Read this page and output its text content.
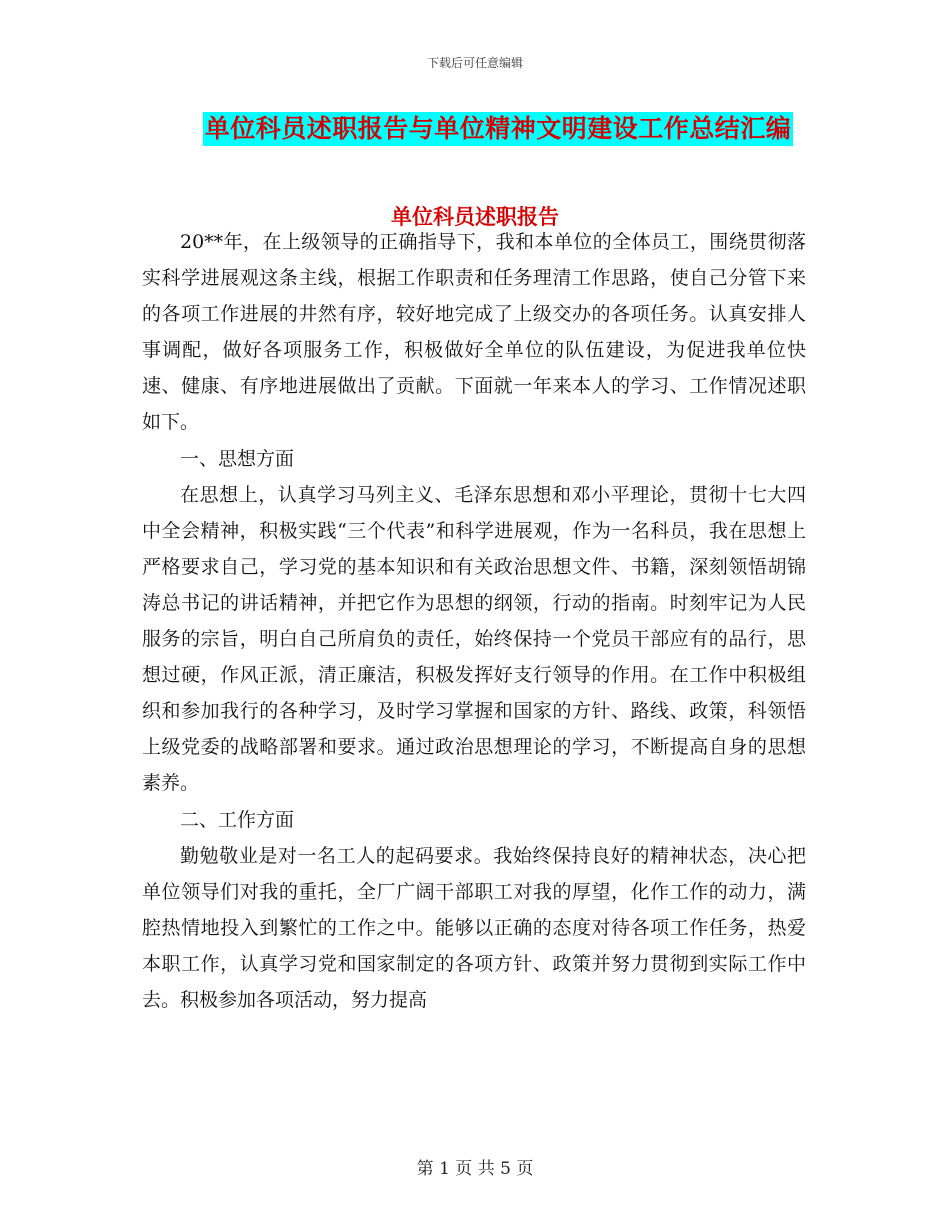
下载后可任意编辑
单位科员述职报告与单位精神文明建设工作总结汇编
单位科员述职报告

20**年，在上级领导的正确指导下，我和本单位的全体员工，围绕贯彻落实科学进展观这条主线，根据工作职责和任务理清工作思路，使自己分管下来的各项工作进展的井然有序，较好地完成了上级交办的各项任务。认真安排人事调配，做好各项服务工作，积极做好全单位的队伍建设，为促进我单位快速、健康、有序地进展做出了贡献。下面就一年来本人的学习、工作情况述职如下。

一、思想方面

在思想上，认真学习马列主义、毛泽东思想和邓小平理论，贯彻十七大四中全会精神，积极实践“三个代表”和科学进展观，作为一名科员，我在思想上严格要求自己，学习党的基本知识和有关政治思想文件、书籍，深刻领悟胡锦涛总书记的讲话精神，并把它作为思想的纲领，行动的指南。时刻牢记为人民服务的宗旨，明白自己所肩负的责任，始终保持一个党员干部应有的品行，思想过硬，作风正派，清正廉洁，积极发挥好支行领导的作用。在工作中积极组织和参加我行的各种学习，及时学习掌握和国家的方针、路线、政策，科领悟上级党委的战略部署和要求。通过政治思想理论的学习，不断提高自身的思想素养。

二、工作方面

勤勉敬业是对一名工人的起码要求。我始终保持良好的精神状态，决心把单位领导们对我的重托，全厂广阔干部职工对我的厚望，化作工作的动力，满腔热情地投入到繁忙的工作之中。能够以正确的态度对待各项工作任务，热爱本职工作，认真学习党和国家制定的各项方针、政策并努力贯彻到实际工作中去。积极参加各项活动，努力提高

第 1 页 共 5 页
